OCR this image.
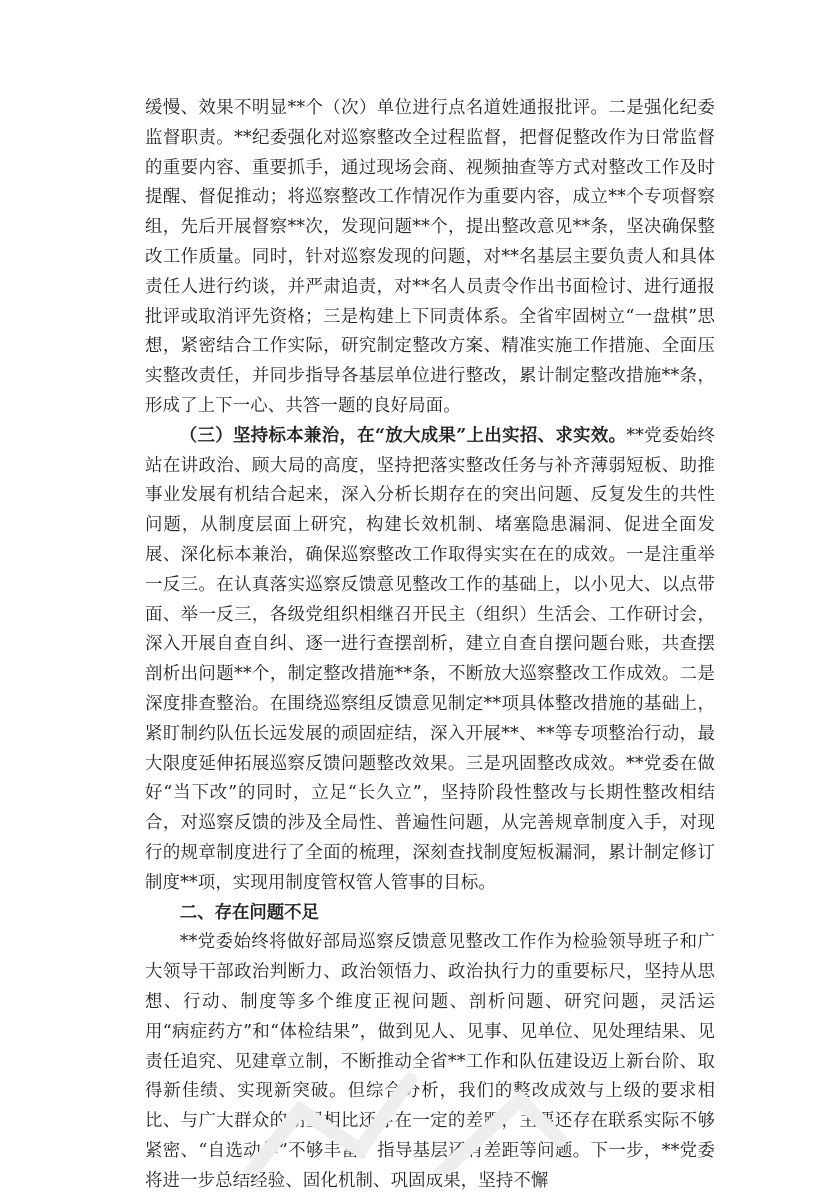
缓慢、效果不明显**个（次）单位进行点名道姓通报批评。二是强化纪委监督职责。**纪委强化对巡察整改全过程监督，把督促整改作为日常监督的重要内容、重要抓手，通过现场会商、视频抽查等方式对整改工作及时提醒、督促推动；将巡察整改工作情况作为重要内容，成立**个专项督察组，先后开展督察**次，发现问题**个，提出整改意见**条，坚决确保整改工作质量。同时，针对巡察发现的问题，对**名基层主要负责人和具体责任人进行约谈，并严肃追责，对**名人员责令作出书面检讨、进行通报批评或取消评先资格；三是构建上下同责体系。全省牢固树立“一盘棋”思想，紧密结合工作实际，研究制定整改方案、精准实施工作措施、全面压实整改责任，并同步指导各基层单位进行整改，累计制定整改措施**条，形成了上下一心、共答一题的良好局面。

（三）坚持标本兼治，在“放大成果”上出实招、求实效。**党委始终站在讲政治、顾大局的高度，坚持把落实整改任务与补齐薄弱短板、助推事业发展有机结合起来，深入分析长期存在的突出问题、反复发生的共性问题，从制度层面上研究，构建长效机制、堵塞隐患漏洞、促进全面发展、深化标本兼治，确保巡察整改工作取得实实在在的成效。一是注重举一反三。在认真落实巡察反馈意见整改工作的基础上，以小见大、以点带面、举一反三，各级党组织相继召开民主（组织）生活会、工作研讨会，深入开展自查自纠、逐一进行查摆剖析，建立自查自摆问题台账，共查摆剖析出问题**个，制定整改措施**条，不断放大巡察整改工作成效。二是深度排查整治。在围绕巡察组反馈意见制定**项具体整改措施的基础上，紧盯制约队伍长远发展的顽固症结，深入开展**、**等专项整治行动，最大限度延伸拓展巡察反馈问题整改效果。三是巩固整改成效。**党委在做好“当下改”的同时，立足“长久立”，坚持阶段性整改与长期性整改相结合，对巡察反馈的涉及全局性、普遍性问题，从完善规章制度入手，对现行的规章制度进行了全面的梳理，深刻查找制度短板漏洞，累计制定修订制度**项，实现用制度管权管人管事的目标。

二、存在问题不足

**党委始终将做好部局巡察反馈意见整改工作作为检验领导班子和广大领导干部政治判断力、政治领悟力、政治执行力的重要标尺，坚持从思想、行动、制度等多个维度正视问题、剖析问题、研究问题，灵活运用“病症药方”和“体检结果”，做到见人、见事、见单位、见处理结果、见责任追究、见建章立制，不断推动全省**工作和队伍建设迈上新台阶、取得新佳绩、实现新突破。但综合分析，我们的整改成效与上级的要求相比、与广大群众的期望相比还存在一定的差距，主要还存在联系实际不够紧密、“自选动作”不够丰富、指导基层还有差距等问题。下一步，**党委将进一步总结经验、固化机制、巩固成果，坚持不懈
